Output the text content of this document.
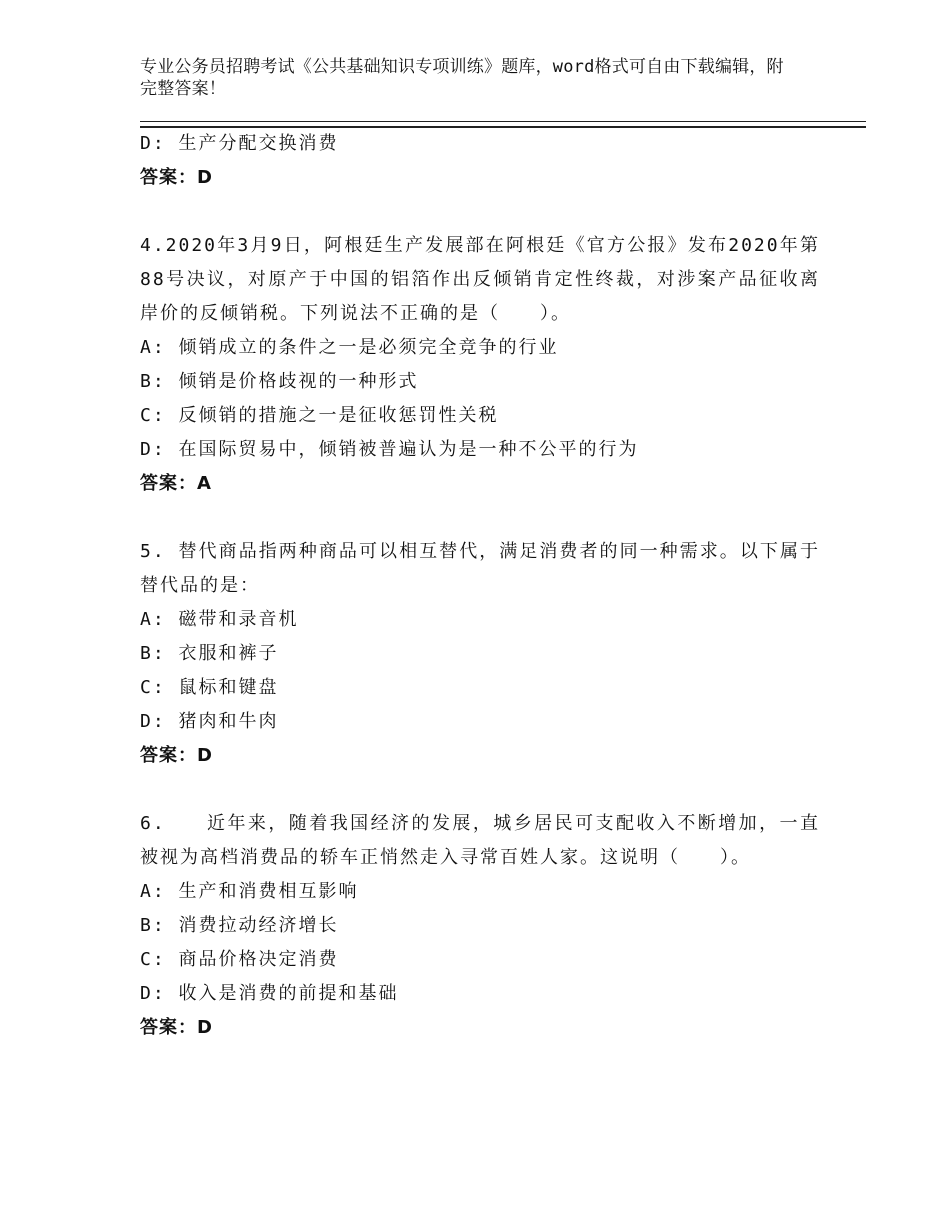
专业公务员招聘考试《公共基础知识专项训练》题库，word格式可自由下载编辑，附完整答案！
D: 生产分配交换消费
答案：D
4.2020年3月9日，阿根廷生产发展部在阿根廷《官方公报》发布2020年第88号决议，对原产于中国的铝箔作出反倾销肯定性终裁，对涉案产品征收离岸价的反倾销税。下列说法不正确的是（　　）。
A: 倾销成立的条件之一是必须完全竞争的行业
B: 倾销是价格歧视的一种形式
C: 反倾销的措施之一是征收惩罚性关税
D: 在国际贸易中，倾销被普遍认为是一种不公平的行为
答案：A
5. 替代商品指两种商品可以相互替代，满足消费者的同一种需求。以下属于替代品的是：
A: 磁带和录音机
B: 衣服和裤子
C: 鼠标和键盘
D: 猪肉和牛肉
答案：D
6.　　近年来，随着我国经济的发展，城乡居民可支配收入不断增加，一直被视为高档消费品的轿车正悄然走入寻常百姓人家。这说明（　　）。
A: 生产和消费相互影响
B: 消费拉动经济增长
C: 商品价格决定消费
D: 收入是消费的前提和基础
答案：D
